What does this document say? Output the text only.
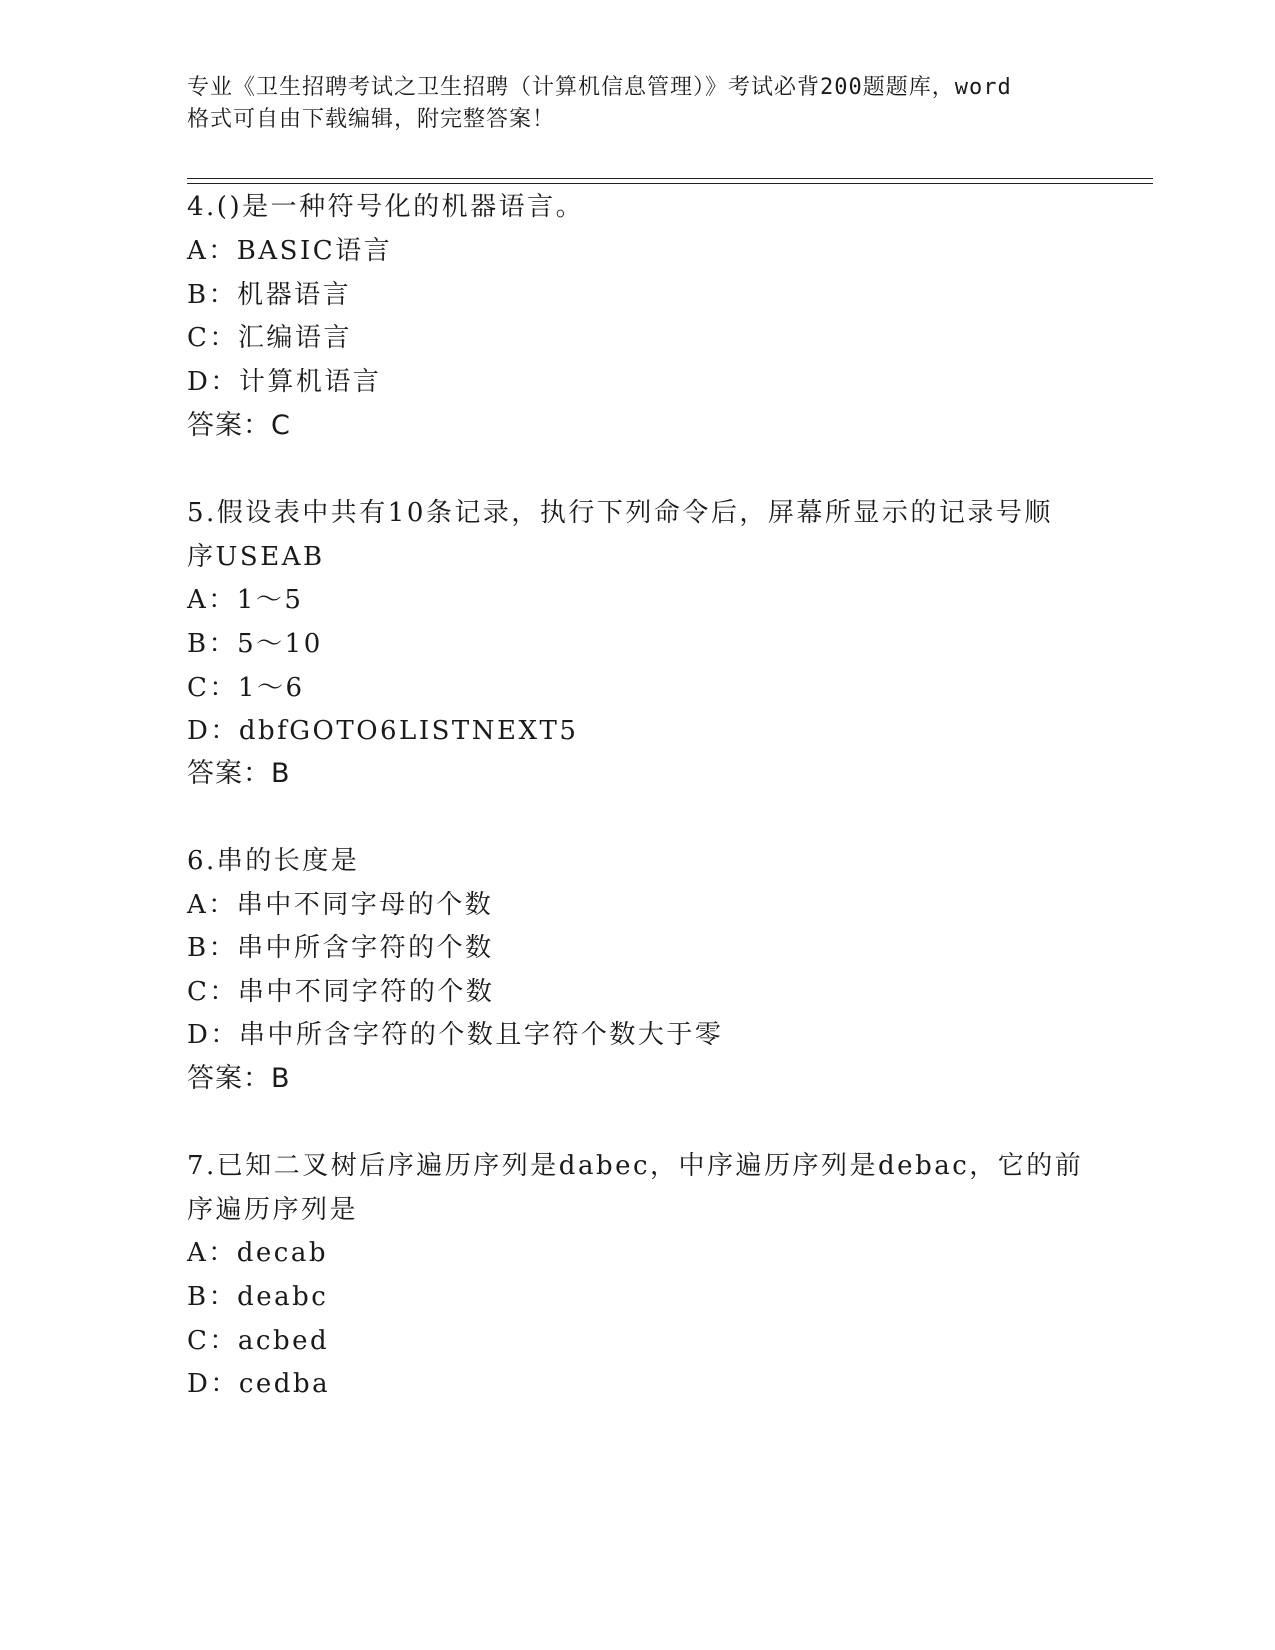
专业《卫生招聘考试之卫生招聘（计算机信息管理）》考试必背200题题库，word
格式可自由下载编辑，附完整答案！
4.()是一种符号化的机器语言。
A：BASIC语言
B：机器语言
C：汇编语言
D：计算机语言
答案：C
5.假设表中共有10条记录，执行下列命令后，屏幕所显示的记录号顺
序USEAB
A：1～5
B：5～10
C：1～6
D：dbfGOTO6LISTNEXT5
答案：B
6.串的长度是
A：串中不同字母的个数
B：串中所含字符的个数
C：串中不同字符的个数
D：串中所含字符的个数且字符个数大于零
答案：B
7.已知二叉树后序遍历序列是dabec，中序遍历序列是debac，它的前
序遍历序列是
A：decab
B：deabc
C：acbed
D：cedba
